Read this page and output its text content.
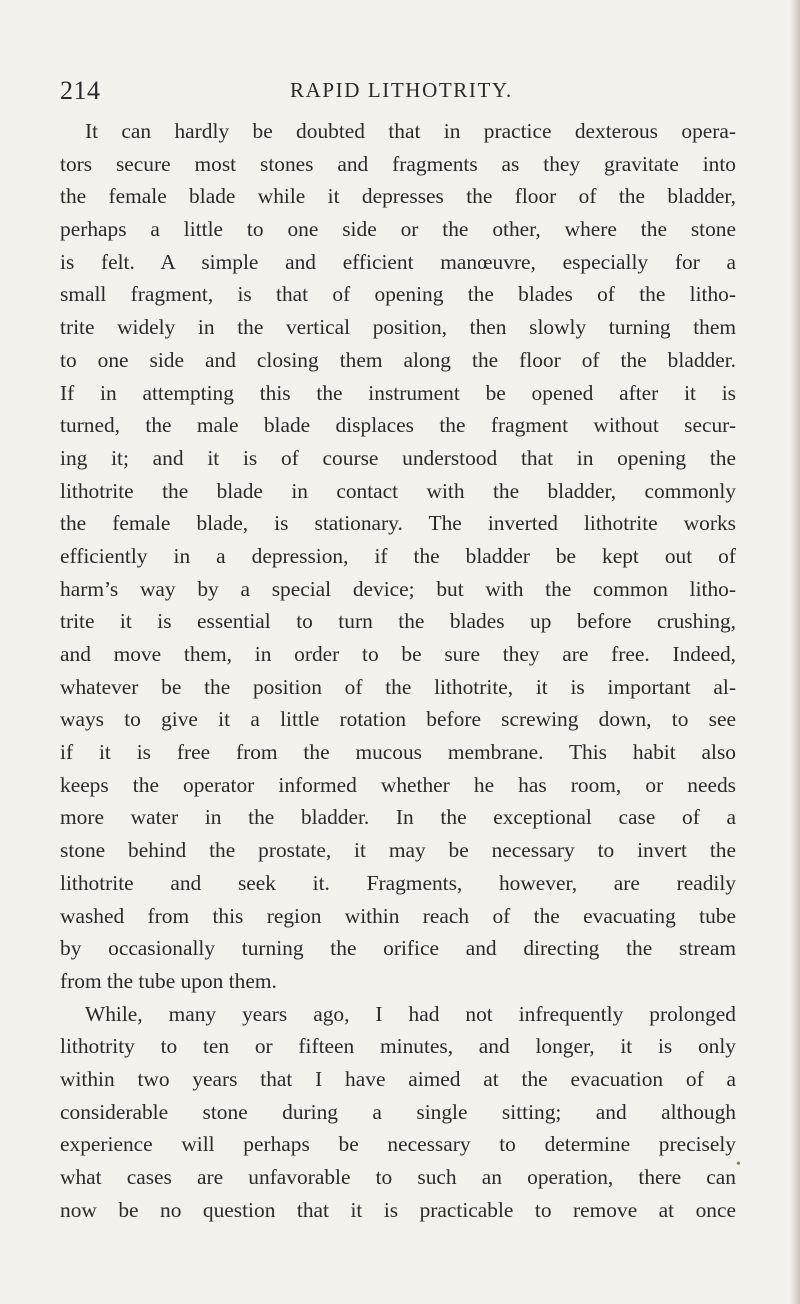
214	RAPID LITHOTRITY.
It can hardly be doubted that in practice dexterous opera-
tors secure most stones and fragments as they gravitate into
the female blade while it depresses the floor of the bladder,
perhaps a little to one side or the other, where the stone
is felt. A simple and efficient manœuvre, especially for a
small fragment, is that of opening the blades of the litho-
trite widely in the vertical position, then slowly turning them
to one side and closing them along the floor of the bladder.
If in attempting this the instrument be opened after it is
turned, the male blade displaces the fragment without secur-
ing it; and it is of course understood that in opening the
lithotrite the blade in contact with the bladder, commonly
the female blade, is stationary. The inverted lithotrite works
efficiently in a depression, if the bladder be kept out of
harm’s way by a special device; but with the common litho-
trite it is essential to turn the blades up before crushing,
and move them, in order to be sure they are free. Indeed,
whatever be the position of the lithotrite, it is important al-
ways to give it a little rotation before screwing down, to see
if it is free from the mucous membrane. This habit also
keeps the operator informed whether he has room, or needs
more water in the bladder. In the exceptional case of a
stone behind the prostate, it may be necessary to invert the
lithotrite and seek it. Fragments, however, are readily
washed from this region within reach of the evacuating tube
by occasionally turning the orifice and directing the stream
from the tube upon them.
While, many years ago, I had not infrequently prolonged
lithotrity to ten or fifteen minutes, and longer, it is only
within two years that I have aimed at the evacuation of a
considerable stone during a single sitting; and although
experience will perhaps be necessary to determine precisely
what cases are unfavorable to such an operation, there can
now be no question that it is practicable to remove at once
•
